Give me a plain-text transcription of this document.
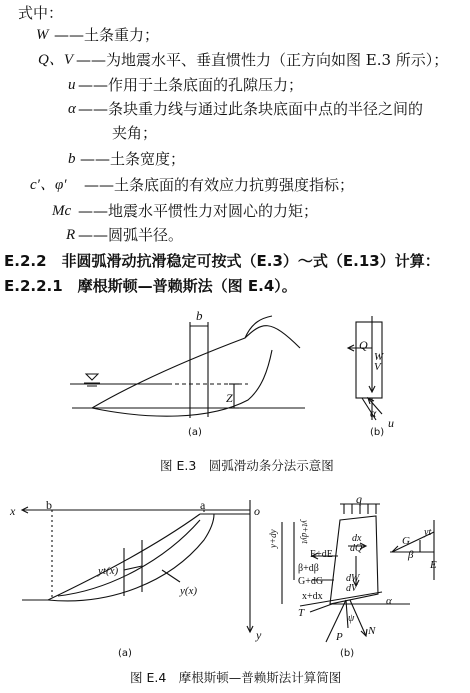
式中：
W ——土条重力；
Q、V ——为地震水平、垂直惯性力（正方向如图 E.3 所示）；
u ——作用于土条底面的孔隙压力；
α ——条块重力线与通过此条块底面中点的半径之间的
夹角；
b ——土条宽度；
c′、φ′ ——土条底面的有效应力抗剪强度指标；
Mc ——地震水平惯性力对圆心的力矩；
R ——圆弧半径。
E.2.2　非圆弧滑动抗滑稳定可按式（E.3）～式（E.13）计算：
E.2.2.1　摩根斯顿—普赖斯法（图 E.4）。
b
Z
(a)
Q
W
V
α
u
(b)
图 E.3　圆弧滑动条分法示意图
x	o
b	a
y
yt(x)
y(x)
(a)
q
E+dE
β+dβ
G+dG
x+dx
y+dy	yt+dyt	dx
dQ
dW
dV
G
β
yt
E
T
P N
ψ
α
(b)
图 E.4　摩根斯顿—普赖斯法计算简图
